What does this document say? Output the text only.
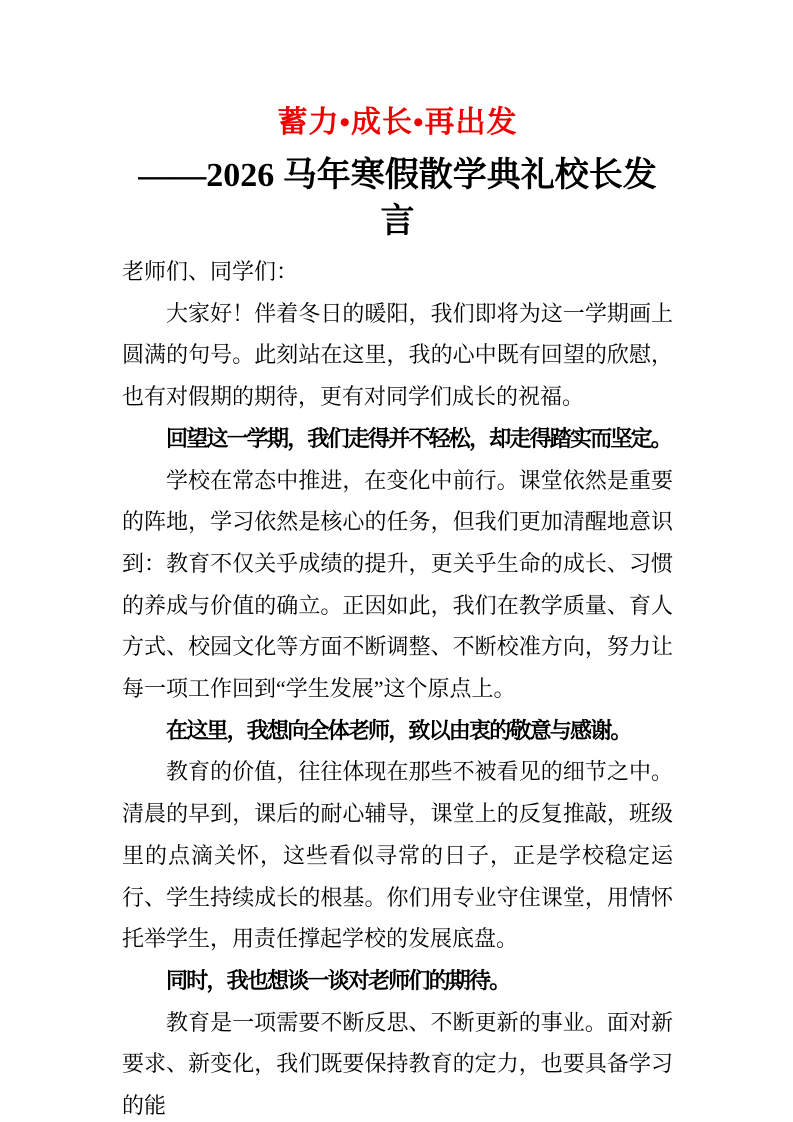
蓄力•成长•再出发
——2026 马年寒假散学典礼校长发言

老师们、同学们：

大家好！伴着冬日的暖阳，我们即将为这一学期画上圆满的句号。此刻站在这里，我的心中既有回望的欣慰，也有对假期的期待，更有对同学们成长的祝福。

回望这一学期，我们走得并不轻松，却走得踏实而坚定。

学校在常态中推进，在变化中前行。课堂依然是重要的阵地，学习依然是核心的任务，但我们更加清醒地意识到：教育不仅关乎成绩的提升，更关乎生命的成长、习惯的养成与价值的确立。正因如此，我们在教学质量、育人方式、校园文化等方面不断调整、不断校准方向，努力让每一项工作回到“学生发展”这个原点上。

在这里，我想向全体老师，致以由衷的敬意与感谢。

教育的价值，往往体现在那些不被看见的细节之中。清晨的早到，课后的耐心辅导，课堂上的反复推敲，班级里的点滴关怀，这些看似寻常的日子，正是学校稳定运行、学生持续成长的根基。你们用专业守住课堂，用情怀托举学生，用责任撑起学校的发展底盘。

同时，我也想谈一谈对老师们的期待。

教育是一项需要不断反思、不断更新的事业。面对新要求、新变化，我们既要保持教育的定力，也要具备学习的能
